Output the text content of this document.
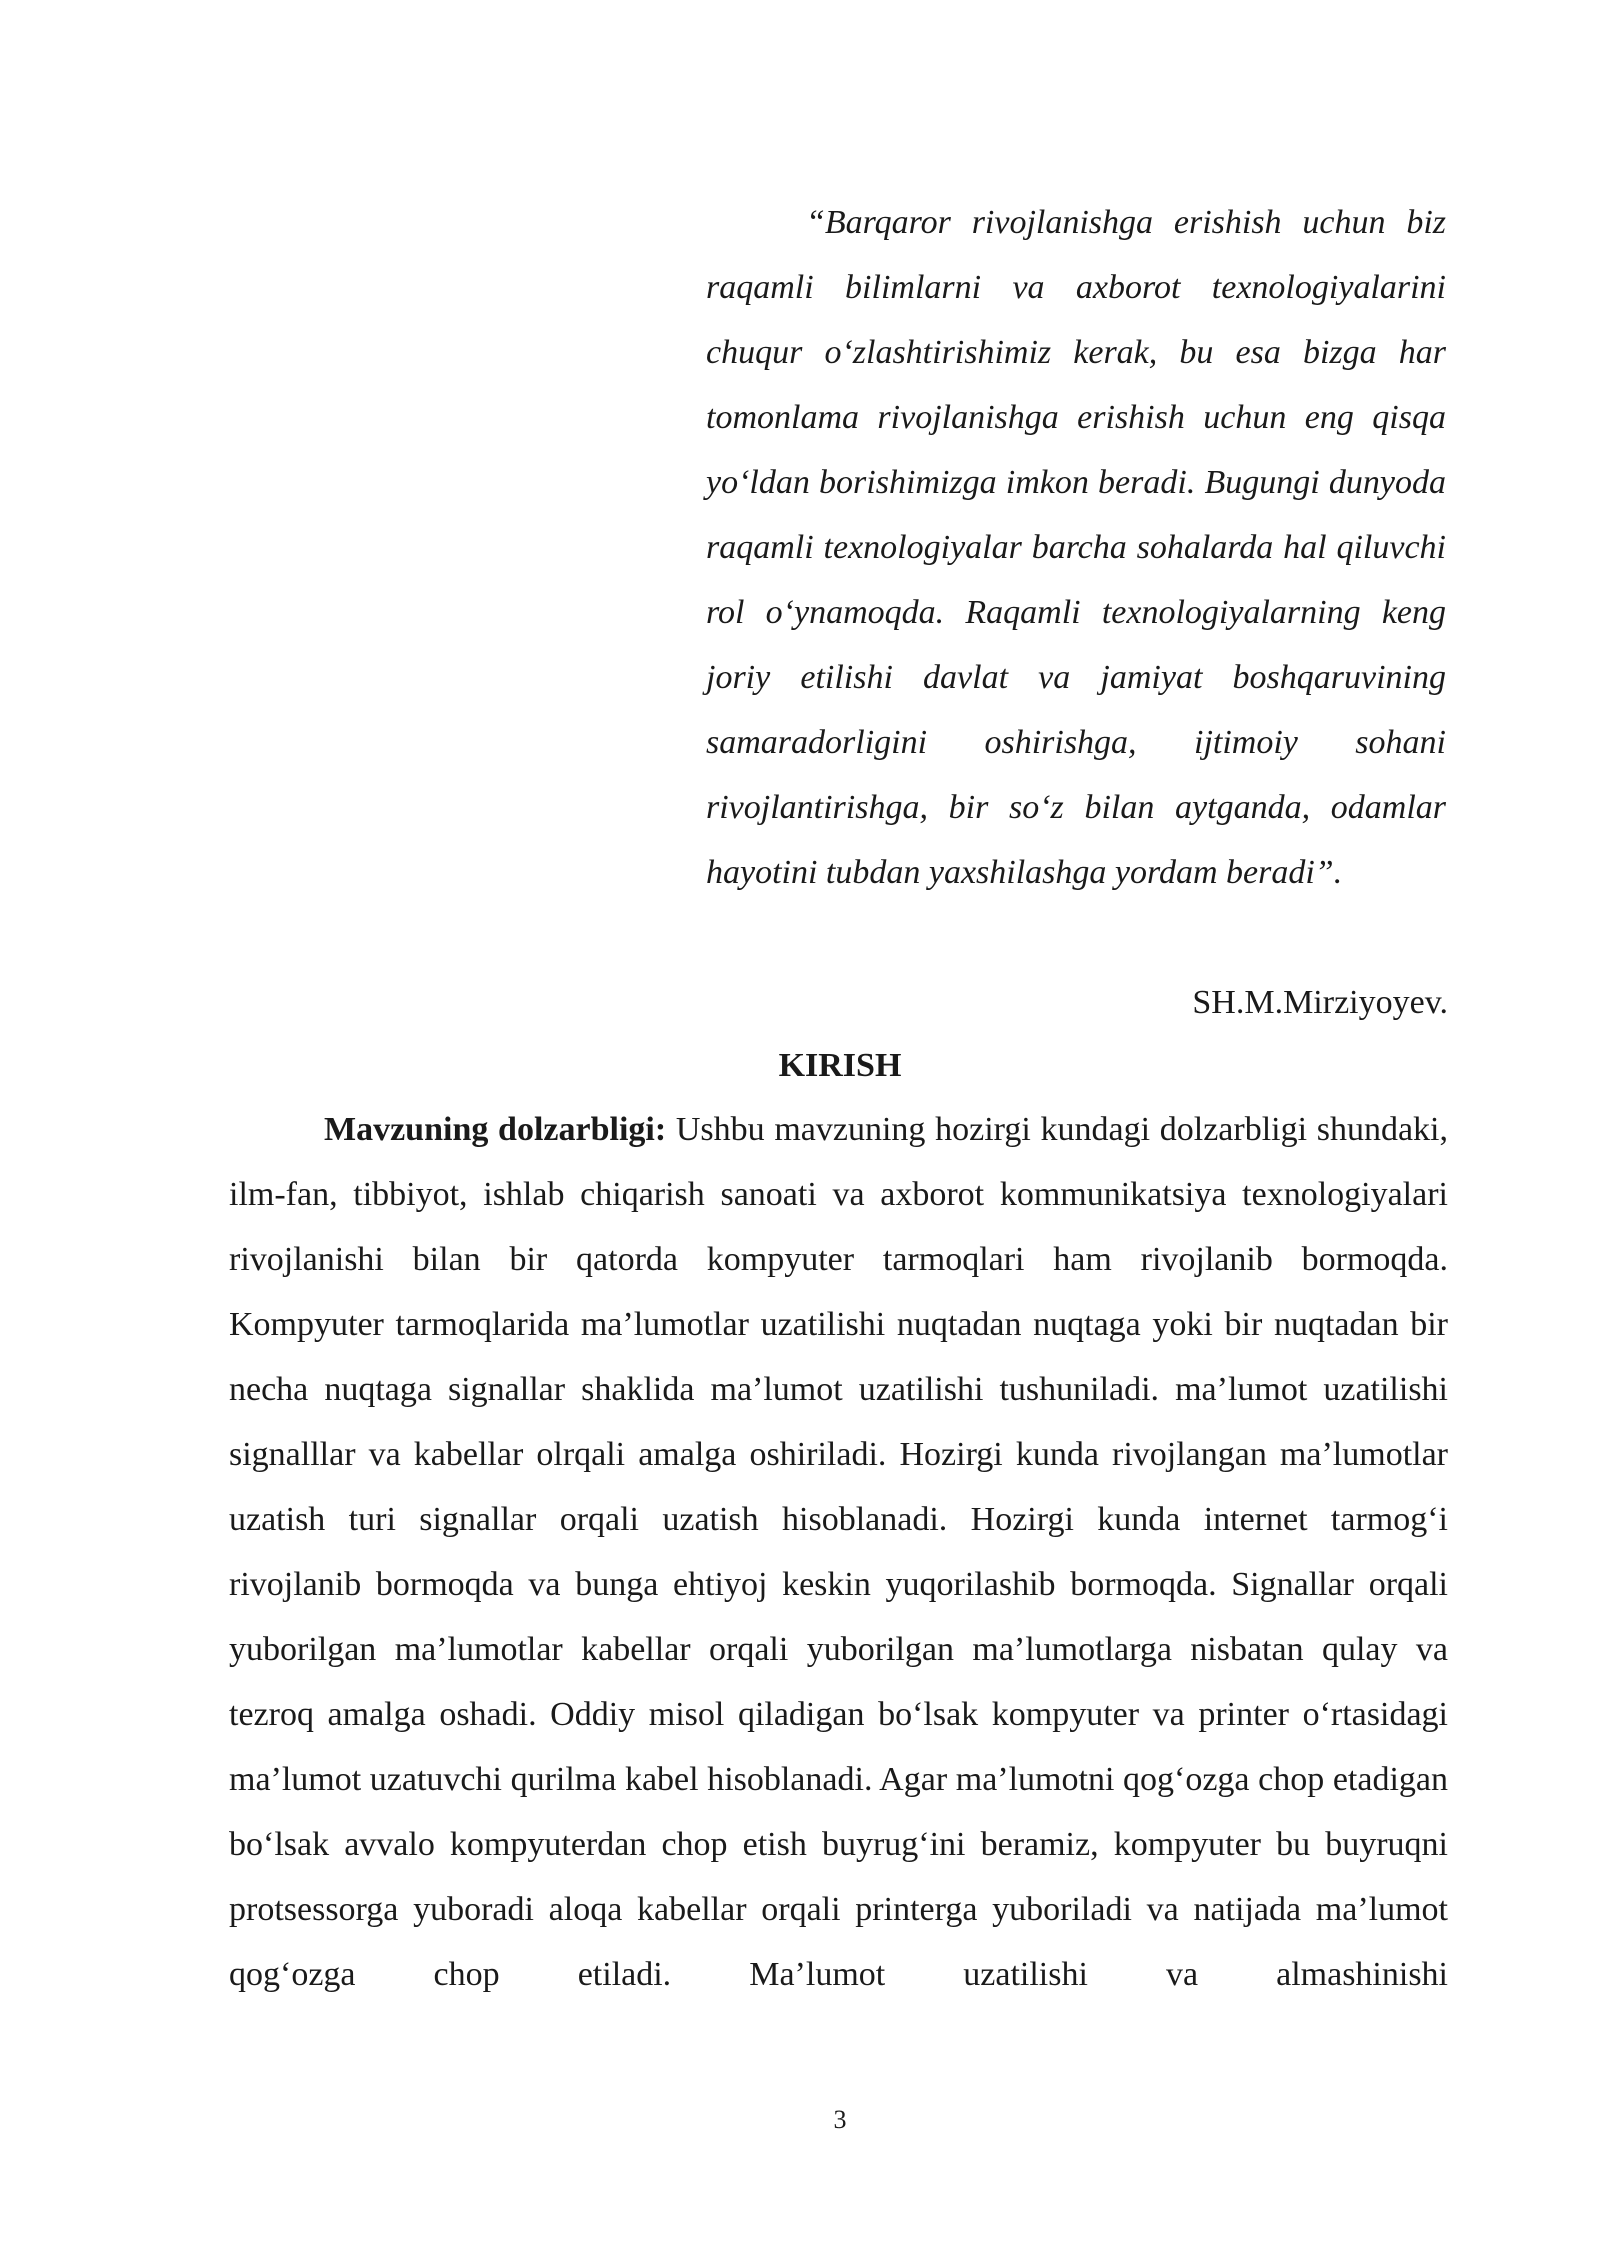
“Barqaror rivojlanishga erishish uchun biz raqamli bilimlarni va axborot texnologiyalarini chuqur o‘zlashtirishimiz kerak, bu esa bizga har tomonlama rivojlanishga erishish uchun eng qisqa yo‘ldan borishimizga imkon beradi. Bugungi dunyoda raqamli texnologiyalar barcha sohalarda hal qiluvchi rol o‘ynamoqda. Raqamli texnologiyalarning keng joriy etilishi davlat va jamiyat boshqaruvining samaradorligini oshirishga, ijtimoiy sohani rivojlantirishga, bir so‘z bilan aytganda, odamlar hayotini tubdan yaxshilashga yordam beradi”.

SH.M.Mirziyoyev.

KIRISH

Mavzuning dolzarbligi: Ushbu mavzuning hozirgi kundagi dolzarbligi shundaki, ilm-fan, tibbiyot, ishlab chiqarish sanoati va axborot kommunikatsiya texnologiyalari rivojlanishi bilan bir qatorda kompyuter tarmoqlari ham rivojlanib bormoqda. Kompyuter tarmoqlarida ma’lumotlar uzatilishi nuqtadan nuqtaga yoki bir nuqtadan bir necha nuqtaga signallar shaklida ma’lumot uzatilishi tushuniladi. ma’lumot uzatilishi signalllar va kabellar olrqali amalga oshiriladi. Hozirgi kunda rivojlangan ma’lumotlar uzatish turi signallar orqali uzatish hisoblanadi. Hozirgi kunda internet tarmog‘i rivojlanib bormoqda va bunga ehtiyoj keskin yuqorilashib bormoqda. Signallar orqali yuborilgan ma’lumotlar kabellar orqali yuborilgan ma’lumotlarga nisbatan qulay va tezroq amalga oshadi. Oddiy misol qiladigan bo‘lsak kompyuter va printer o‘rtasidagi ma’lumot uzatuvchi qurilma kabel hisoblanadi. Agar ma’lumotni qog‘ozga chop etadigan bo‘lsak avvalo kompyuterdan chop etish buyrug‘ini beramiz, kompyuter bu buyruqni protsessorga yuboradi aloqa kabellar orqali printerga yuboriladi va natijada ma’lumot qog‘ozga chop etiladi. Ma’lumot uzatilishi va almashinishi

3
